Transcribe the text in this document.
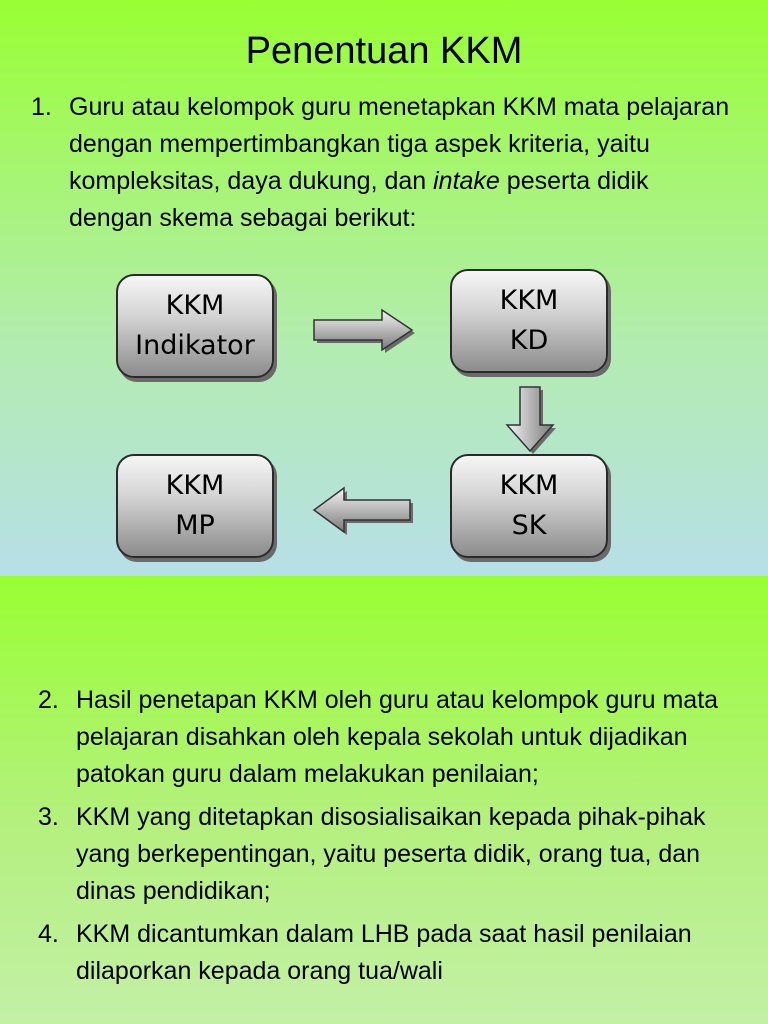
Penentuan KKM
1. Guru atau kelompok guru menetapkan KKM mata pelajaran dengan mempertimbangkan tiga aspek kriteria, yaitu kompleksitas, daya dukung, dan intake peserta didik dengan skema sebagai berikut:
KKM
Indikator
KKM
KD
KKM
MP
KKM
SK
2. Hasil penetapan KKM oleh guru atau kelompok guru mata pelajaran disahkan oleh kepala sekolah untuk dijadikan patokan guru dalam melakukan penilaian;
3. KKM yang ditetapkan disosialisaikan kepada pihak-pihak yang berkepentingan, yaitu peserta didik, orang tua, dan dinas pendidikan;
4. KKM dicantumkan dalam LHB pada saat hasil penilaian dilaporkan kepada orang tua/wali
